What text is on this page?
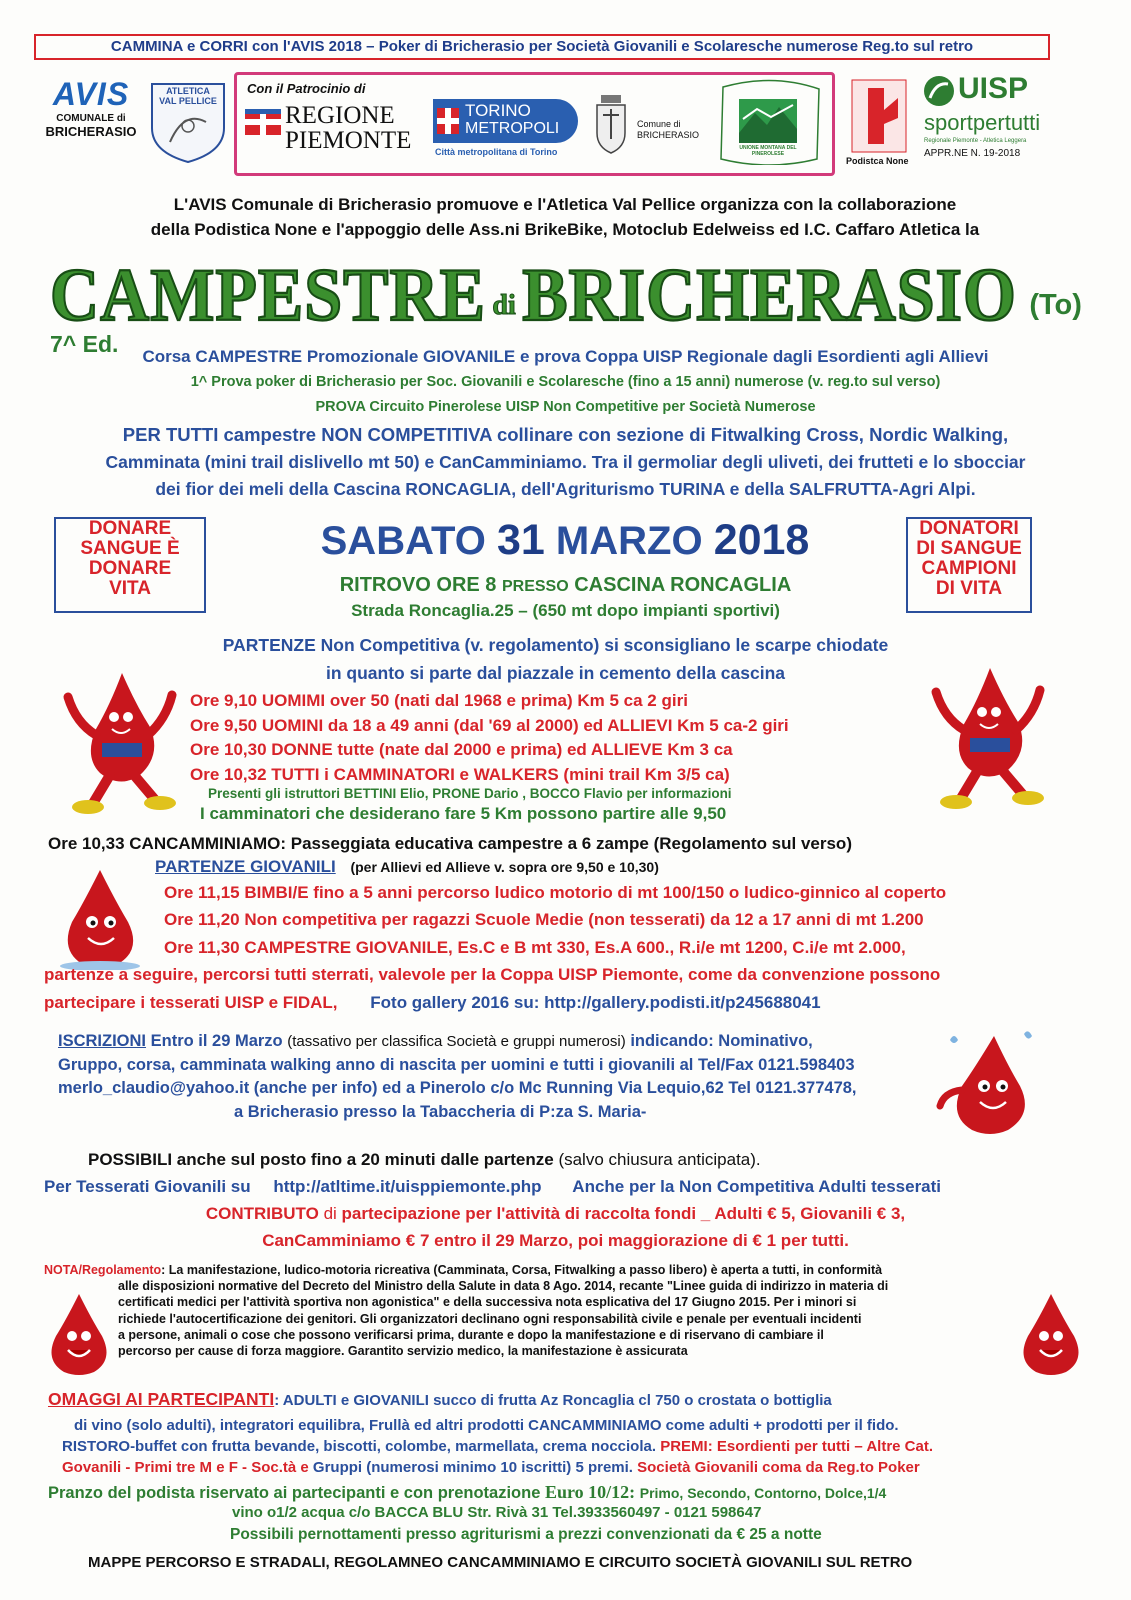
CAMMINA e CORRI con l'AVIS 2018 – Poker di Bricherasio per Società Giovanili e Scolaresche numerose Reg.to sul retro
AVIS
COMUNALE di
BRICHERASIO
ATLETICA
VAL PELLICE
Con il Patrocinio di
REGIONE
PIEMONTE
TORINO
METROPOLI
Città metropolitana di Torino
Comune di
BRICHERASIO
UNIONE MONTANA DEL PINEROLESE
Podistca None
UISP
sportpertutti
Regionale Piemonte - Atletica Leggera
APPR.NE N. 19-2018
L'AVIS Comunale di Bricherasio promuove e l'Atletica Val Pellice organizza con la collaborazione
della Podistica None e l'appoggio delle Ass.ni BrikeBike, Motoclub Edelweiss ed I.C. Caffaro Atletica la
CAMPESTRE di BRICHERASIO (To) 7^ Ed.	Corsa CAMPESTRE Promozionale GIOVANILE e prova Coppa UISP Regionale dagli Esordienti agli Allievi
1^ Prova poker di Bricherasio per Soc. Giovanili e Scolaresche (fino a 15 anni) numerose (v. reg.to sul verso)
PROVA Circuito Pinerolese UISP Non Competitive per Società Numerose
PER TUTTI campestre NON COMPETITIVA collinare con sezione di Fitwalking Cross, Nordic Walking,
Camminata (mini trail dislivello mt 50) e CanCamminiamo. Tra il germoliar degli uliveti, dei frutteti e lo sbocciar
dei fior dei meli della Cascina RONCAGLIA, dell'Agriturismo TURINA e della SALFRUTTA-Agri Alpi.
DONARE
SANGUE È
DONARE
VITA
DONATORI
DI SANGUE
CAMPIONI
DI VITA
SABATO 31 MARZO 2018
RITROVO ORE 8 PRESSO CASCINA RONCAGLIA
Strada Roncaglia.25 – (650 mt dopo impianti sportivi)
PARTENZE Non Competitiva (v. regolamento) si sconsigliano le scarpe chiodate
in quanto si parte dal piazzale in cemento della cascina
Ore 9,10 UOMIMI over 50 (nati dal 1968 e prima) Km 5 ca 2 giri
Ore 9,50 UOMINI da 18 a 49 anni (dal '69 al 2000) ed ALLIEVI Km 5 ca-2 giri
Ore 10,30 DONNE tutte (nate dal 2000 e prima) ed ALLIEVE Km 3 ca
Ore 10,32 TUTTI i CAMMINATORI e WALKERS (mini trail Km 3/5 ca)
Presenti gli istruttori BETTINI Elio, PRONE Dario , BOCCO Flavio per informazioni
I camminatori che desiderano fare 5 Km possono partire alle 9,50
Ore 10,33 CANCAMMINIAMO: Passeggiata educativa campestre a 6 zampe (Regolamento sul verso)
PARTENZE GIOVANILI (per Allievi ed Allieve v. sopra ore 9,50 e 10,30)
Ore 11,15 BIMBI/E fino a 5 anni percorso ludico motorio di mt 100/150 o ludico-ginnico al coperto
Ore 11,20 Non competitiva per ragazzi Scuole Medie (non tesserati) da 12 a 17 anni di mt 1.200
Ore 11,30 CAMPESTRE GIOVANILE, Es.C e B mt 330, Es.A 600., R.i/e mt 1200, C.i/e mt 2.000,
partenze a seguire, percorsi tutti sterrati, valevole per la Coppa UISP Piemonte, come da convenzione possono
partecipare i tesserati UISP e FIDAL, Foto gallery 2016 su: http://gallery.podisti.it/p245688041
ISCRIZIONI Entro il 29 Marzo (tassativo per classifica Società e gruppi numerosi) indicando: Nominativo,
Gruppo, corsa, camminata walking anno di nascita per uomini e tutti i giovanili al Tel/Fax 0121.598403
merlo_claudio@yahoo.it (anche per info) ed a Pinerolo c/o Mc Running Via Lequio,62 Tel 0121.377478,
a Bricherasio presso la Tabaccheria di P:za S. Maria-
POSSIBILI anche sul posto fino a 20 minuti dalle partenze (salvo chiusura anticipata).
Per Tesserati Giovanili su http://atltime.it/uisppiemonte.php Anche per la Non Competitiva Adulti tesserati
CONTRIBUTO di partecipazione per l'attività di raccolta fondi _ Adulti € 5, Giovanili € 3,
CanCamminiamo € 7 entro il 29 Marzo, poi maggiorazione di € 1 per tutti.
NOTA/Regolamento: La manifestazione, ludico-motoria ricreativa (Camminata, Corsa, Fitwalking a passo libero) è aperta a tutti, in conformità
alle disposizioni normative del Decreto del Ministro della Salute in data 8 Ago. 2014, recante "Linee guida di indirizzo in materia di
certificati medici per l'attività sportiva non agonistica" e della successiva nota esplicativa del 17 Giugno 2015. Per i minori si
richiede l'autocertificazione dei genitori. Gli organizzatori declinano ogni responsabilità civile e penale per eventuali incidenti
a persone, animali o cose che possono verificarsi prima, durante e dopo la manifestazione e di riservano di cambiare il
percorso per cause di forza maggiore. Garantito servizio medico, la manifestazione è assicurata
OMAGGI AI PARTECIPANTI: ADULTI e GIOVANILI succo di frutta Az Roncaglia cl 750 o crostata o bottiglia
di vino (solo adulti), integratori equilibra, Frullà ed altri prodotti CANCAMMINIAMO come adulti + prodotti per il fido.
RISTORO-buffet con frutta bevande, biscotti, colombe, marmellata, crema nocciola. PREMI: Esordienti per tutti – Altre Cat.
Govanili - Primi tre M e F - Soc.tà e Gruppi (numerosi minimo 10 iscritti) 5 premi. Società Giovanili coma da Reg.to Poker
Pranzo del podista riservato ai partecipanti e con prenotazione Euro 10/12: Primo, Secondo, Contorno, Dolce,1/4
vino o1/2 acqua c/o BACCA BLU Str. Rivà 31 Tel.3933560497 - 0121 598647
Possibili pernottamenti presso agriturismi a prezzi convenzionati da € 25 a notte
MAPPE PERCORSO E STRADALI, REGOLAMNEO CANCAMMINIAMO E CIRCUITO SOCIETÀ GIOVANILI SUL RETRO
